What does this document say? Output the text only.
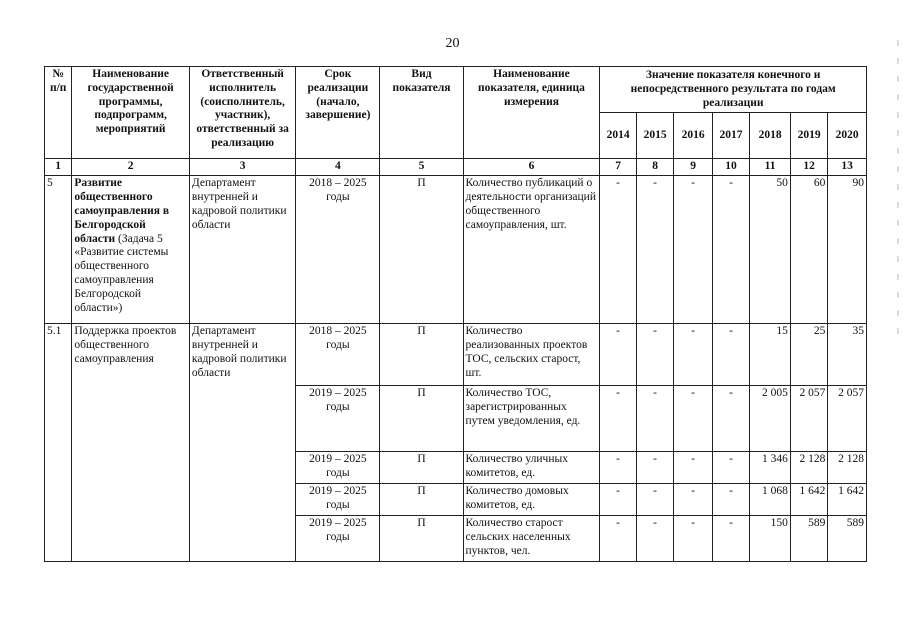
20
№ п/п	Наименование государственной программы, подпрограмм, мероприятий	Ответственный исполнитель (соисполнитель, участник), ответственный за реализацию	Срок реализации (начало, завершение)	Вид показателя	Наименование показателя, единица измерения	Значение показателя конечного и непосредственного результата по годам реализации						
						2014	2015	2016	2017	2018	2019	2020
1	2	3	4	5	6	7	8	9	10	11	12	13
5	Развитие общественного самоуправления в Белгородской области (Задача 5 «Развитие системы общественного самоуправления Белгородской области»)	Департамент внутренней и кадровой политики области	2018 – 2025 годы	П	Количество публикаций о деятельности организаций общественного самоуправления, шт.	-	-	-	-	50	60	90
5.1	Поддержка проектов общественного самоуправления	Департамент внутренней и кадровой политики области	2018 – 2025 годы	П	Количество реализованных проектов ТОС, сельских старост, шт.	-	-	-	-	15	25	35
			2019 – 2025 годы	П	Количество ТОС, зарегистрированных путем уведомления, ед.	-	-	-	-	2 005	2 057	2 057
			2019 – 2025 годы	П	Количество уличных комитетов, ед.	-	-	-	-	1 346	2 128	2 128
			2019 – 2025 годы	П	Количество домовых комитетов, ед.	-	-	-	-	1 068	1 642	1 642
			2019 – 2025 годы	П	Количество старост сельских населенных пунктов, чел.	-	-	-	-	150	589	589
